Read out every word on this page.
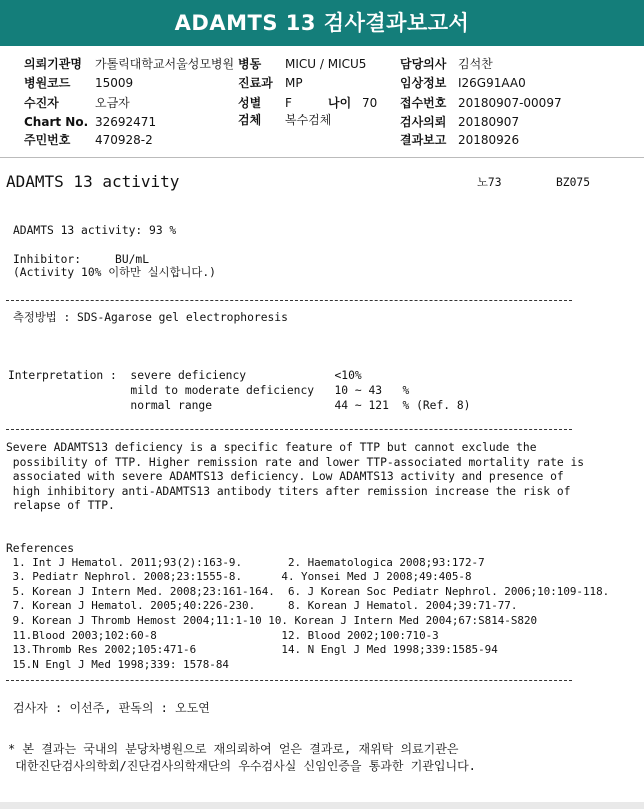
ADAMTS 13 검사결과보고서
의뢰기관명 가톨릭대학교서울성모병원 병동 MICU / MICU5	담당의사 김석찬
병원코드 15009	진료과 MP	임상정보 I26G91AA0
수진자	오금자	성별 F	나이 70 접수번호 20180907-00097
Chart No. 32692471	검체 복수검체	검사의뢰 20180907
주민번호 470928-2	결과보고 20180926
ADAMTS 13 activity	노73	BZ075
ADAMTS 13 activity: 93 %
Inhibitor:     BU/mL
(Activity 10% 이하만 실시합니다.)
측정방법 : SDS-Agarose gel electrophoresis
Interpretation :  severe deficiency             <10%
mild to moderate deficiency   10 ~ 43   %
normal range                  44 ~ 121  % (Ref. 8)
Severe ADAMTS13 deficiency is a specific feature of TTP but cannot exclude the
possibility of TTP. Higher remission rate and lower TTP-associated mortality rate is
associated with severe ADAMTS13 deficiency. Low ADAMTS13 activity and presence of
high inhibitory anti-ADAMTS13 antibody titers after remission increase the risk of
relapse of TTP.
References
1. Int J Hematol. 2011;93(2):163-9.       2. Haematologica 2008;93:172-7
3. Pediatr Nephrol. 2008;23:1555-8.      4. Yonsei Med J 2008;49:405-8
5. Korean J Intern Med. 2008;23:161-164.  6. J Korean Soc Pediatr Nephrol. 2006;10:109-118.
7. Korean J Hematol. 2005;40:226-230.     8. Korean J Hematol. 2004;39:71-77.
9. Korean J Thromb Hemost 2004;11:1-10 10. Korean J Intern Med 2004;67:S814-S820
11.Blood 2003;102:60-8                   12. Blood 2002;100:710-3
13.Thromb Res 2002;105:471-6             14. N Engl J Med 1998;339:1585-94
15.N Engl J Med 1998;339: 1578-84
검사자 : 이선주, 판독의 : 오도연
* 본 결과는 국내의 분당차병원으로 재의뢰하여 얻은 결과로, 재위탁 의료기관은
대한진단검사의학회/진단검사의학재단의 우수검사실 신임인증을 통과한 기관입니다.
